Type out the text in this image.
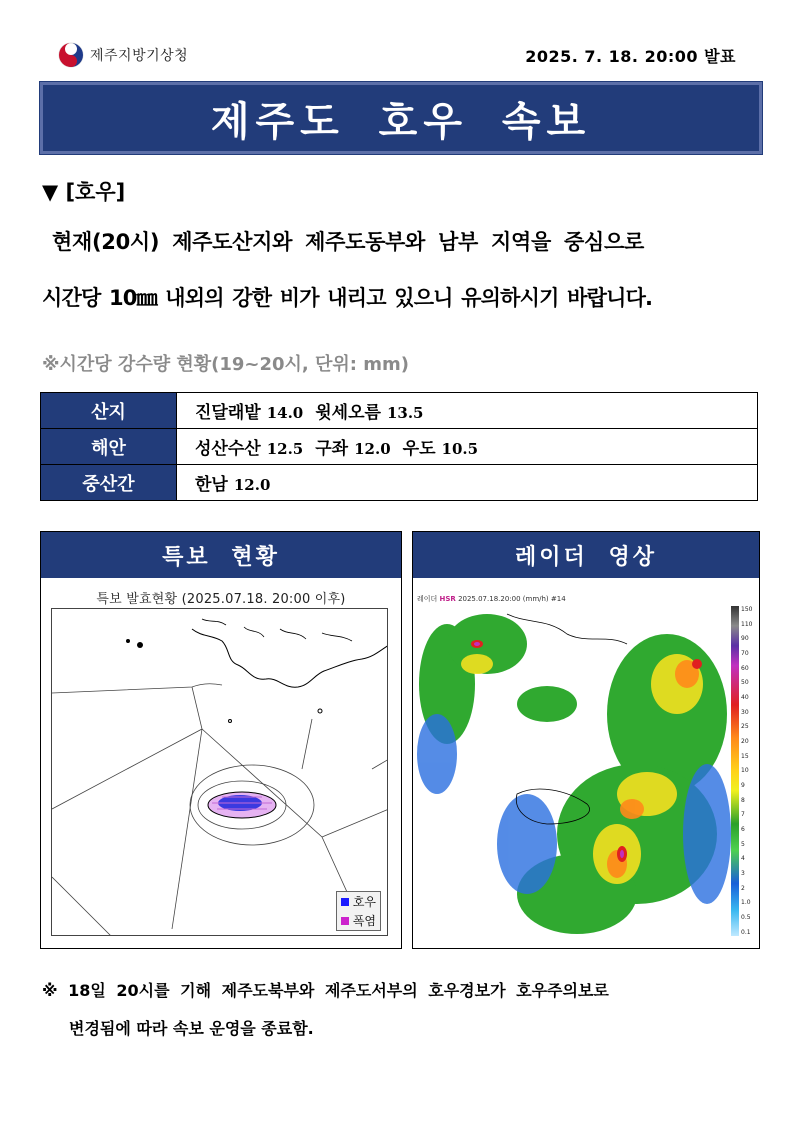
제주지방기상청	2025. 7. 18. 20:00 발표
제주도 호우 속보
▼ [호우]
현재(20시) 제주도산지와 제주도동부와 남부 지역을 중심으로
시간당 10㎜ 내외의 강한 비가 내리고 있으니 유의하시기 바랍니다.
※시간당 강수량 현황(19~20시, 단위: mm)
산지	진달래밭 14.0 윗세오름 13.5
해안	성산수산 12.5 구좌 12.0 우도 10.5
중산간	한남 12.0
특보 현황
특보 발효현황 (2025.07.18. 20:00 이후)
호우
폭염
레이더 영상
레이더 HSR 2025.07.18.20:00 (mm/h) #14
150
110
90
70
60
50
40
30
25
20
15
10
9
8
7
6
5
4
3
2
1.0
0.5
0.1
※ 18일 20시를 기해 제주도북부와 제주도서부의 호우경보가 호우주의보로
변경됨에 따라 속보 운영을 종료함.
